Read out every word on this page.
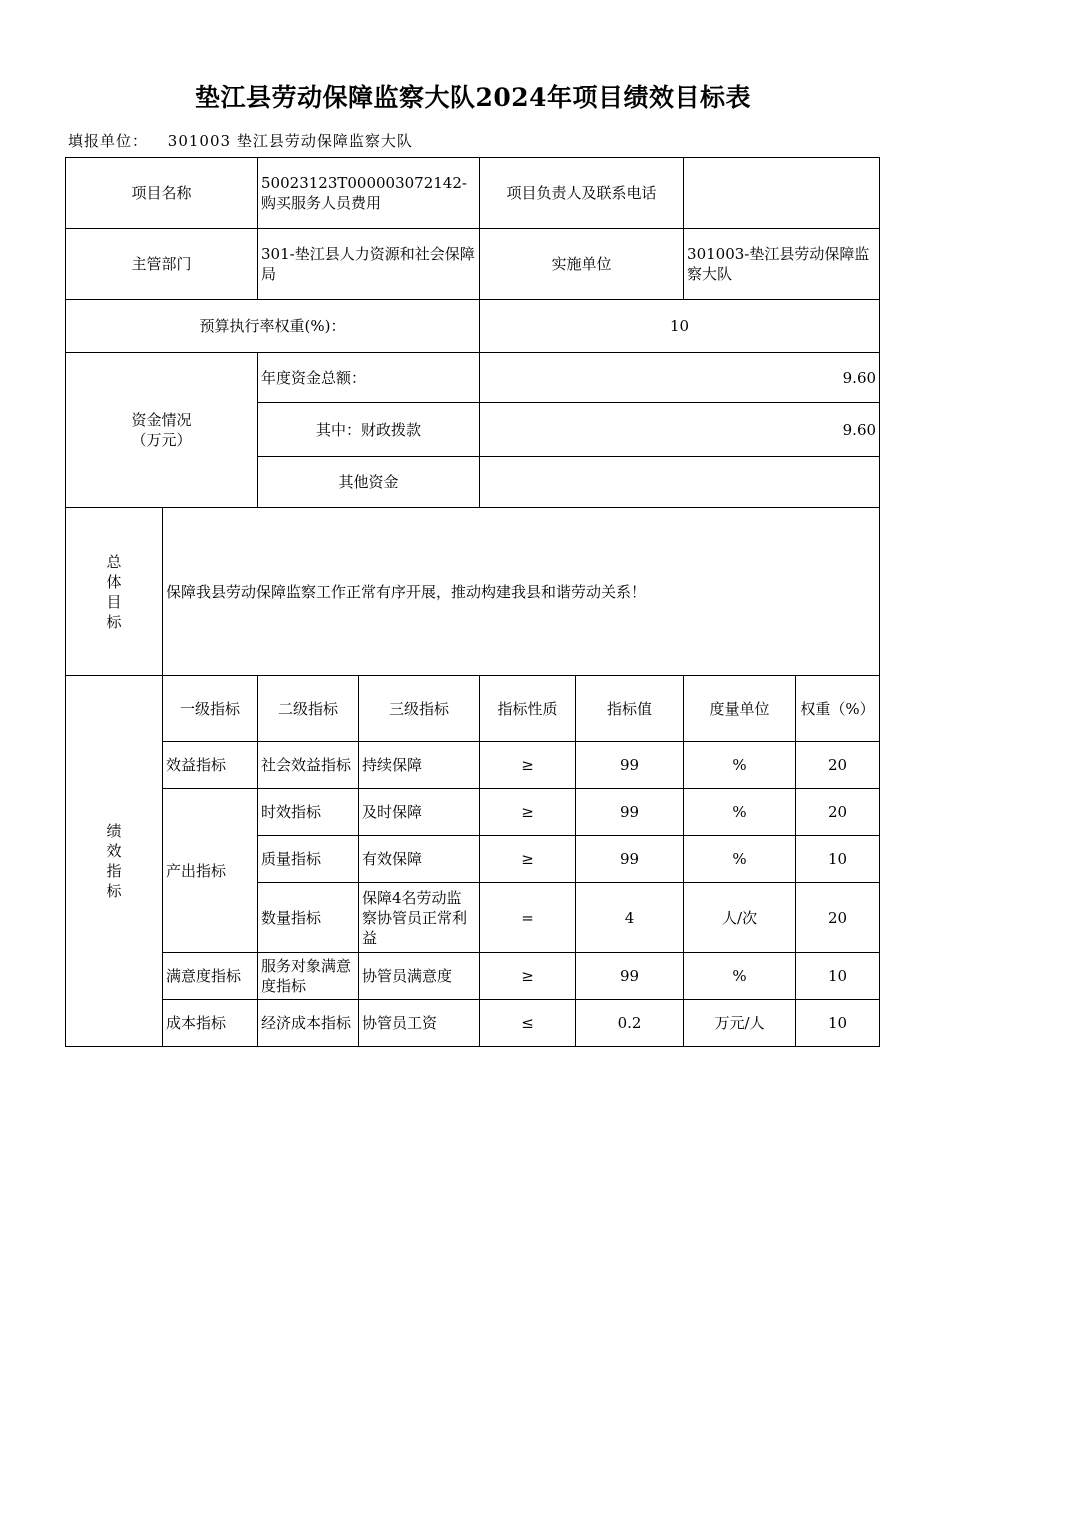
垫江县劳动保障监察大队2024年项目绩效目标表
填报单位： 301003 垫江县劳动保障监察大队
项目名称		50023123T000003072142-购买服务人员费用		项目负责人及联系电话			
主管部门		301-垫江县人力资源和社会保障局		实施单位		301003-垫江县劳动保障监察大队	
预算执行率权重(%)：				10			

资金情况
（万元）		年度资金总额：		9.60			
		其中：财政拨款		9.60			
		其他资金					

总
体
目
标	保障我县劳动保障监察工作正常有序开展，推动构建我县和谐劳动关系！						

绩
效
指
标	一级指标	二级指标	三级指标	指标性质	指标值	度量单位	权重（%）
	效益指标	社会效益指标	持续保障	≥	99	%	20
	产出指标	时效指标	及时保障	≥	99	%	20
		质量指标	有效保障	≥	99	%	10
		数量指标	保障4名劳动监察协管员正常利益	=	4	人/次	20
	满意度指标	服务对象满意度指标	协管员满意度	≥	99	%	10
	成本指标	经济成本指标	协管员工资	≤	0.2	万元/人	10
